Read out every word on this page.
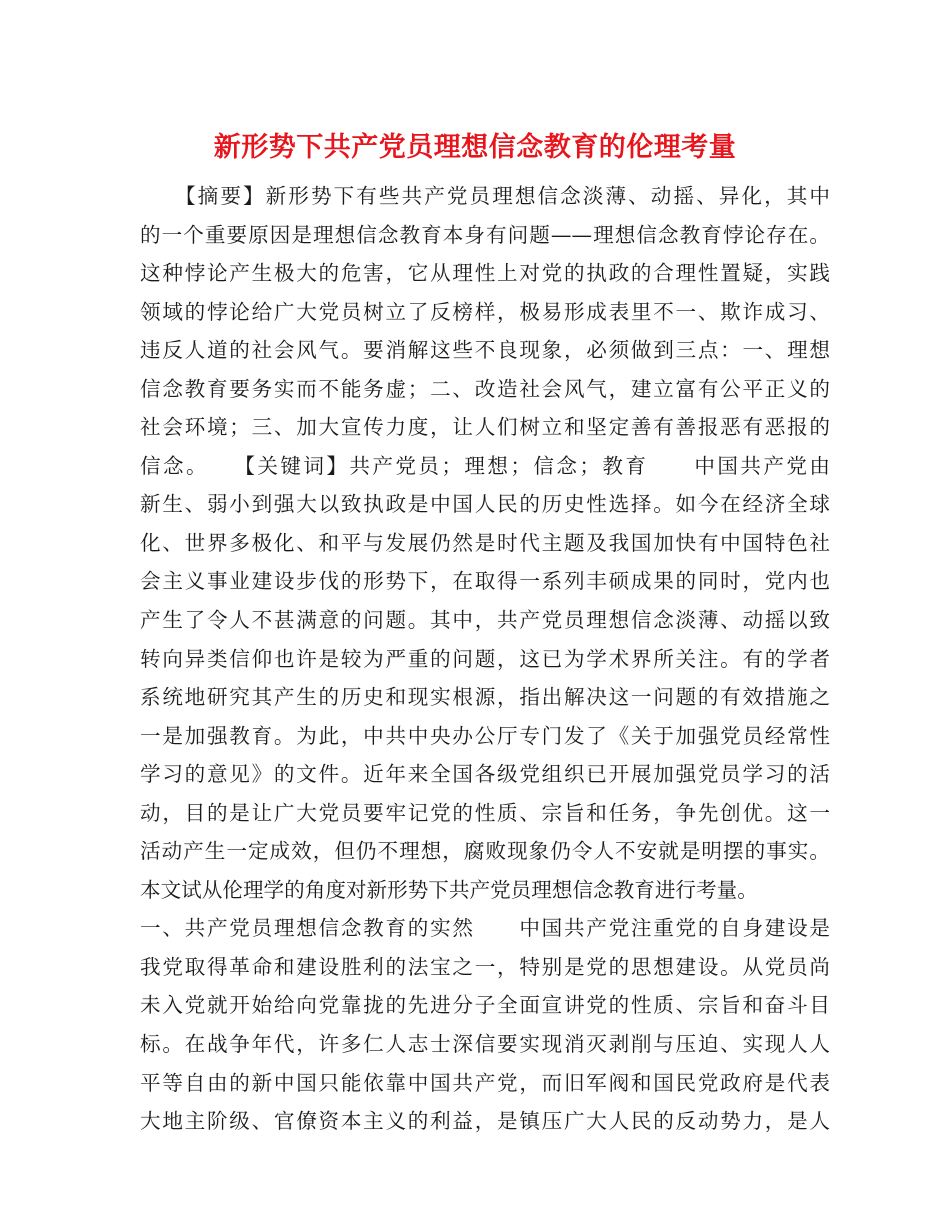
新形势下共产党员理想信念教育的伦理考量
　　【摘要】新形势下有些共产党员理想信念淡薄、动摇、异化，其中
的一个重要原因是理想信念教育本身有问题——理想信念教育悖论存在。
这种悖论产生极大的危害，它从理性上对党的执政的合理性置疑，实践
领域的悖论给广大党员树立了反榜样，极易形成表里不一、欺诈成习、
违反人道的社会风气。要消解这些不良现象，必须做到三点：一、理想
信念教育要务实而不能务虚；二、改造社会风气，建立富有公平正义的
社会环境；三、加大宣传力度，让人们树立和坚定善有善报恶有恶报的
信念。　　【关键词】共产党员；理想；信念；教育　　中国共产党由
新生、弱小到强大以致执政是中国人民的历史性选择。如今在经济全球
化、世界多极化、和平与发展仍然是时代主题及我国加快有中国特色社
会主义事业建设步伐的形势下，在取得一系列丰硕成果的同时，党内也
产生了令人不甚满意的问题。其中，共产党员理想信念淡薄、动摇以致
转向异类信仰也许是较为严重的问题，这已为学术界所关注。有的学者
系统地研究其产生的历史和现实根源，指出解决这一问题的有效措施之
一是加强教育。为此，中共中央办公厅专门发了《关于加强党员经常性
学习的意见》的文件。近年来全国各级党组织已开展加强党员学习的活
动，目的是让广大党员要牢记党的性质、宗旨和任务，争先创优。这一
活动产生一定成效，但仍不理想，腐败现象仍令人不安就是明摆的事实。
本文试从伦理学的角度对新形势下共产党员理想信念教育进行考量。
一、共产党员理想信念教育的实然　　中国共产党注重党的自身建设是
我党取得革命和建设胜利的法宝之一，特别是党的思想建设。从党员尚
未入党就开始给向党靠拢的先进分子全面宣讲党的性质、宗旨和奋斗目
标。在战争年代，许多仁人志士深信要实现消灭剥削与压迫、实现人人
平等自由的新中国只能依靠中国共产党，而旧军阀和国民党政府是代表
大地主阶级、官僚资本主义的利益，是镇压广大人民的反动势力，是人
